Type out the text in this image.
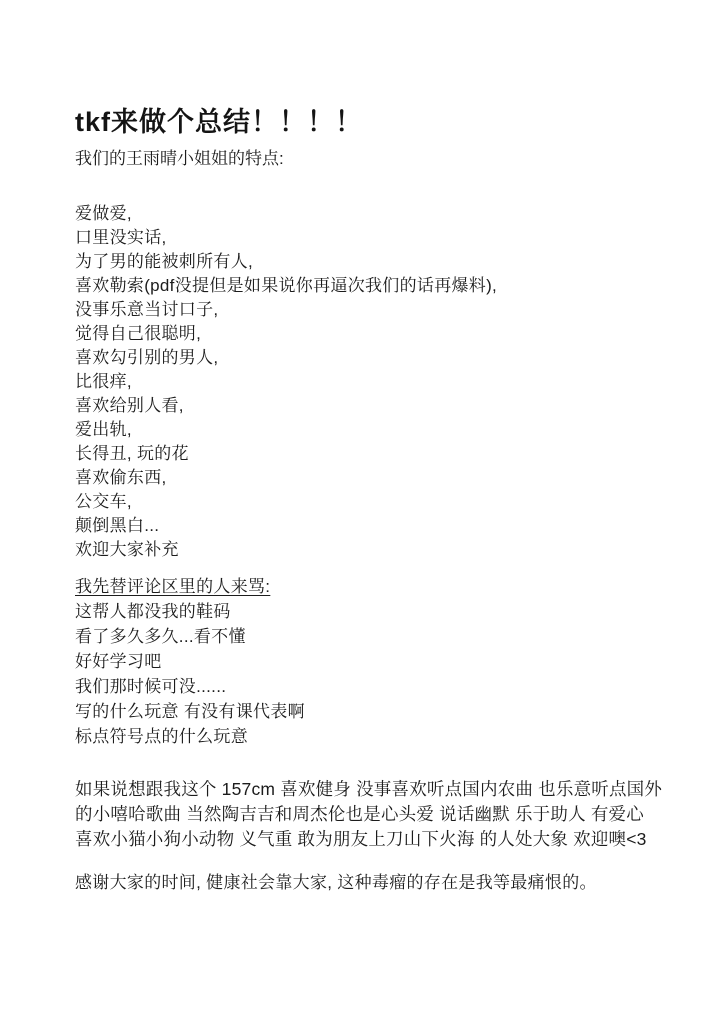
tkf来做个总结！！！！

我们的王雨晴小姐姐的特点:

爱做爱,
口里没实话,
为了男的能被刺所有人,
喜欢勒索(pdf没提但是如果说你再逼次我们的话再爆料),
没事乐意当讨口子,
觉得自己很聪明,
喜欢勾引别的男人,
比很痒,
喜欢给别人看,
爱出轨,
长得丑, 玩的花
喜欢偷东西,
公交车,
颠倒黑白...
欢迎大家补充
我先替评论区里的人来骂:
这帮人都没我的鞋码
看了多久多久...看不懂
好好学习吧
我们那时候可没......
写的什么玩意 有没有课代表啊
标点符号点的什么玩意

如果说想跟我这个 157cm 喜欢健身 没事喜欢听点国内农曲 也乐意听点国外的小嘻哈歌曲 当然陶吉吉和周杰伦也是心头爱 说话幽默 乐于助人 有爱心 喜欢小猫小狗小动物 义气重 敢为朋友上刀山下火海 的人处大象 欢迎噢<3

感谢大家的时间, 健康社会靠大家, 这种毒瘤的存在是我等最痛恨的。
